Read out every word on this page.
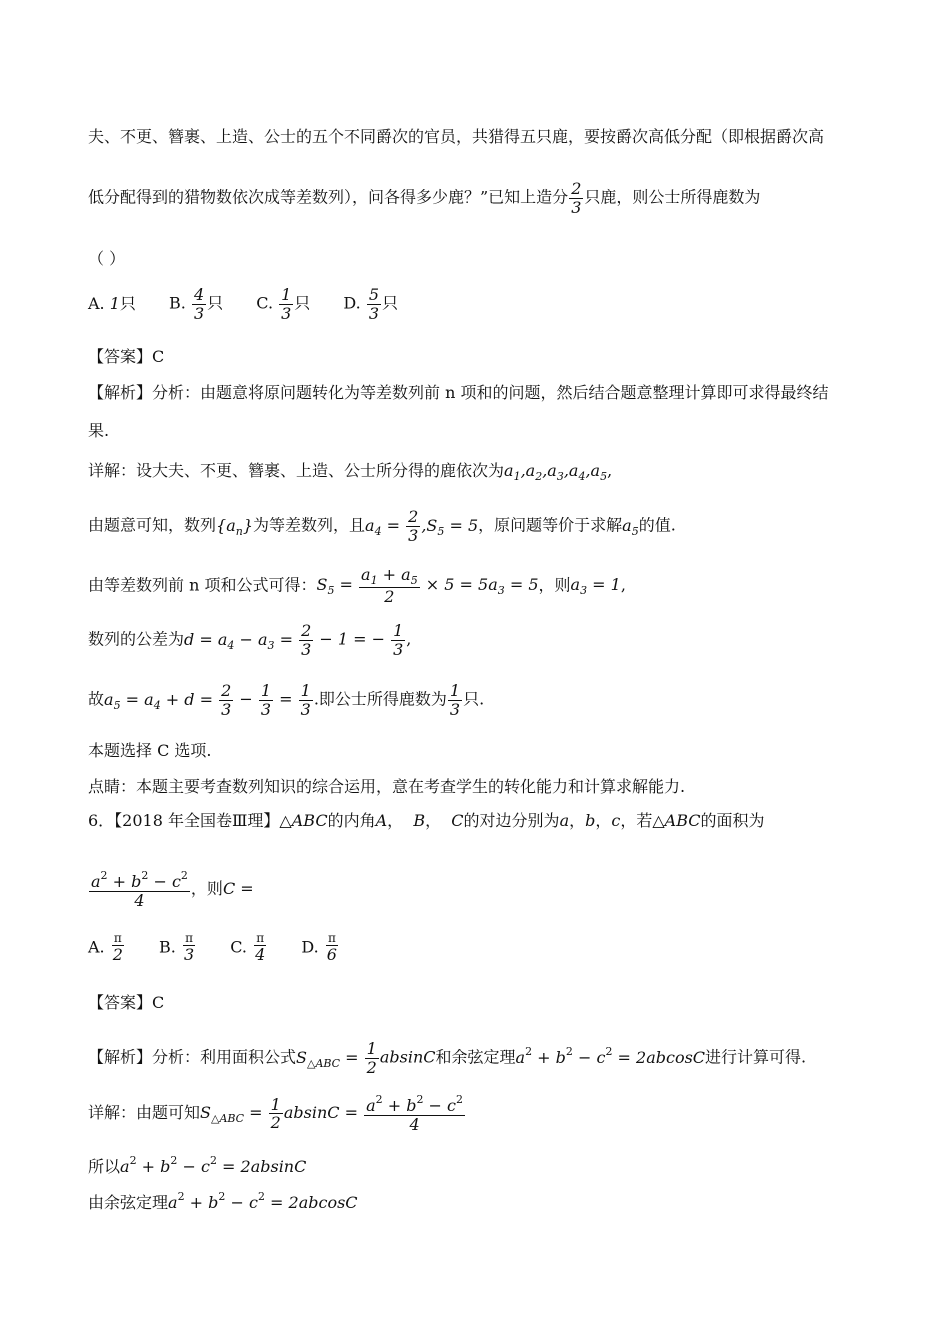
夫、不更、簪裹、上造、公士的五个不同爵次的官员，共猎得五只鹿，要按爵次高低分配（即根据爵次高
低分配得到的猎物数依次成等差数列），问各得多少鹿？”已知上造分 $\frac{2}{3}$ 只鹿，则公士所得鹿数为
（ ）
A. 1只 B. $\frac{4}{3}$ 只 C. $\frac{1}{3}$ 只 D. $\frac{5}{3}$ 只
【答案】C
【解析】分析：由题意将原问题转化为等差数列前 n 项和的问题，然后结合题意整理计算即可求得最终结
果.
详解：设大夫、不更、簪裹、上造、公士所分得的鹿依次为$a_1,a_2,a_3,a_4,a_5$,
由题意可知，数列$\{a_n\}$为等差数列，且$a_4 = \frac{2}{3} ,S_5 = 5$，原问题等价于求解$a_5$的值.
由等差数列前 n 项和公式可得：$S_5 = \frac{a_1 + a_5}{2} \times 5 = 5a_3 = 5$，则$a_3 = 1$,
数列的公差为$d = a_4 - a_3 = \frac{2}{3} - 1$ = − $\frac{1}{3}$ ,
故$a_5 = a_4 + d = \frac{2}{3} - \frac{1}{3} = \frac{1}{3}$ .即公士所得鹿数为 $\frac{1}{3}$ 只.
本题选择 C 选项.
点睛：本题主要考查数列知识的综合运用，意在考查学生的转化能力和计算求解能力.
6．【2018 年全国卷Ⅲ理】△ABC的内角A，  B，  C的对边分别为a，b，c，若△ABC的面积为
$\frac{a^2 + b^2 - c^2}{4}$ ，则C =
A. $\frac{\pi}{2} B$. $\frac{\pi}{3} C$. $\frac{\pi}{4} D$. $\frac{\pi}{6}$
【答案】C
【解析】分析：利用面积公式$S_{\triangle ABC} = \frac{1}{2}$ absinC和余弦定理$a^2 + b^2 - c^2 = 2abcosC$进行计算可得.
详解：由题可知$S_{\triangle ABC} = \frac{1}{2}$ $absinC = \frac{a^2 + b^2 - c^2}{4}$
所以$a^2 + b^2 - c^2 = 2absinC$
由余弦定理$a^2 + b^2 - c^2 = 2abcosC$
